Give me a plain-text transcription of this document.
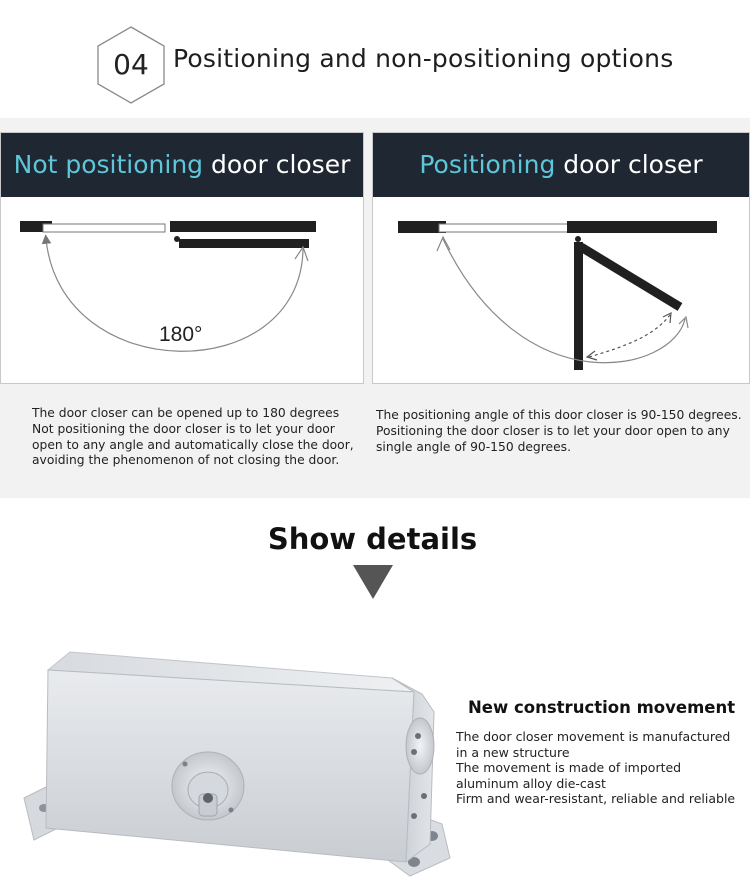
04 Positioning and non-positioning options
Not positioning door closer
180°
Positioning door closer
The door closer can be opened up to 180 degrees
Not positioning the door closer is to let your door
open to any angle and automatically close the door,
avoiding the phenomenon of not closing the door.
The positioning angle of this door closer is 90-150 degrees.
Positioning the door closer is to let your door open to any
single angle of 90-150 degrees.
Show details
New construction movement
The door closer movement is manufactured
in a new structure
The movement is made of imported
aluminum alloy die-cast
Firm and wear-resistant, reliable and reliable
